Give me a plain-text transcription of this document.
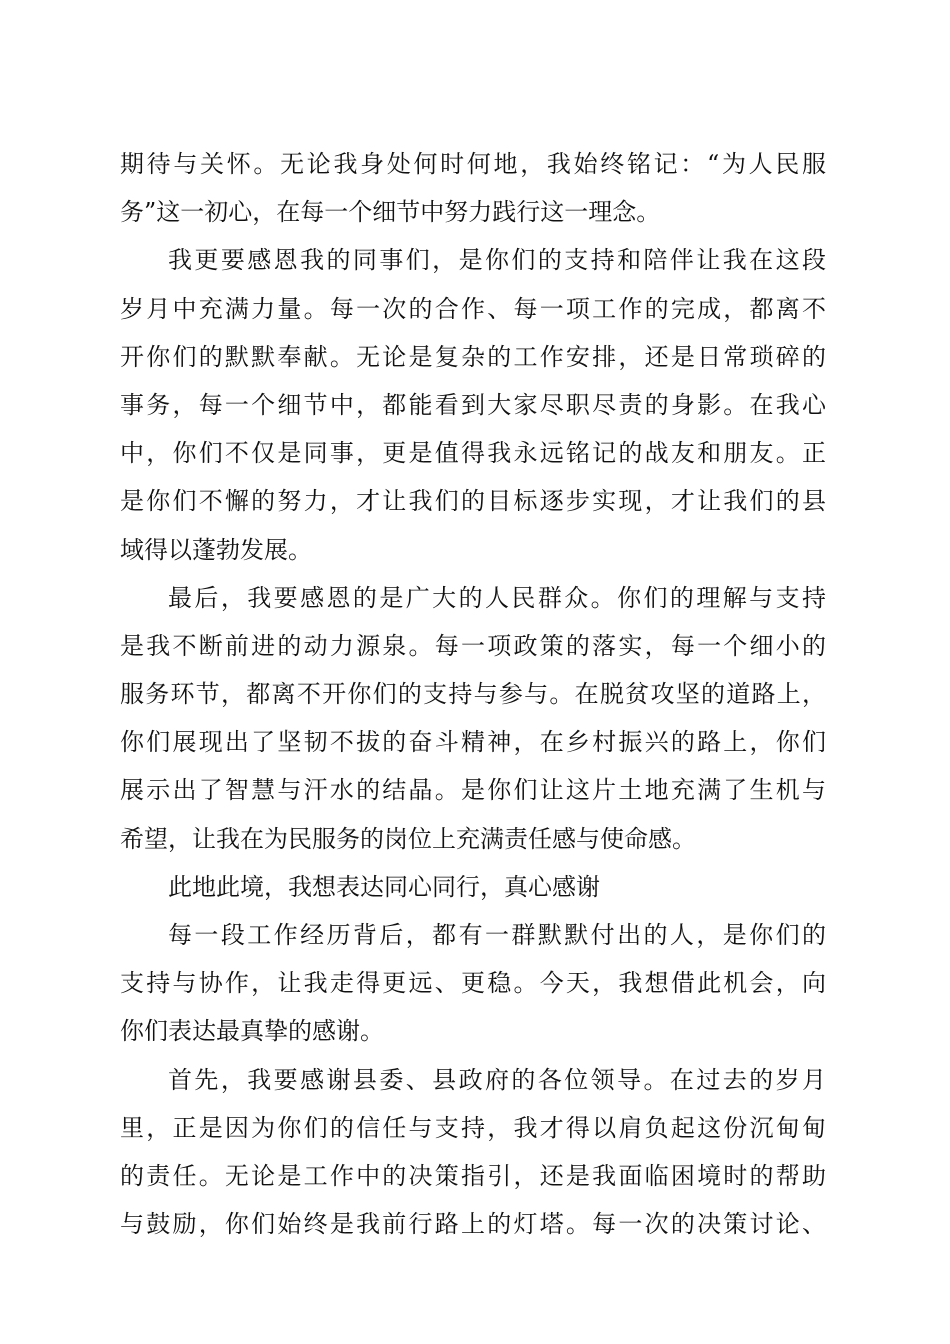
期待与关怀。无论我身处何时何地，我始终铭记：“为人民服
务”这一初心，在每一个细节中努力践行这一理念。
我更要感恩我的同事们，是你们的支持和陪伴让我在这段
岁月中充满力量。每一次的合作、每一项工作的完成，都离不
开你们的默默奉献。无论是复杂的工作安排，还是日常琐碎的
事务，每一个细节中，都能看到大家尽职尽责的身影。在我心
中，你们不仅是同事，更是值得我永远铭记的战友和朋友。正
是你们不懈的努力，才让我们的目标逐步实现，才让我们的县
域得以蓬勃发展。
最后，我要感恩的是广大的人民群众。你们的理解与支持
是我不断前进的动力源泉。每一项政策的落实，每一个细小的
服务环节，都离不开你们的支持与参与。在脱贫攻坚的道路上，
你们展现出了坚韧不拔的奋斗精神，在乡村振兴的路上，你们
展示出了智慧与汗水的结晶。是你们让这片土地充满了生机与
希望，让我在为民服务的岗位上充满责任感与使命感。
此地此境，我想表达同心同行，真心感谢
每一段工作经历背后，都有一群默默付出的人，是你们的
支持与协作，让我走得更远、更稳。今天，我想借此机会，向
你们表达最真挚的感谢。
首先，我要感谢县委、县政府的各位领导。在过去的岁月
里，正是因为你们的信任与支持，我才得以肩负起这份沉甸甸
的责任。无论是工作中的决策指引，还是我面临困境时的帮助
与鼓励，你们始终是我前行路上的灯塔。每一次的决策讨论、
